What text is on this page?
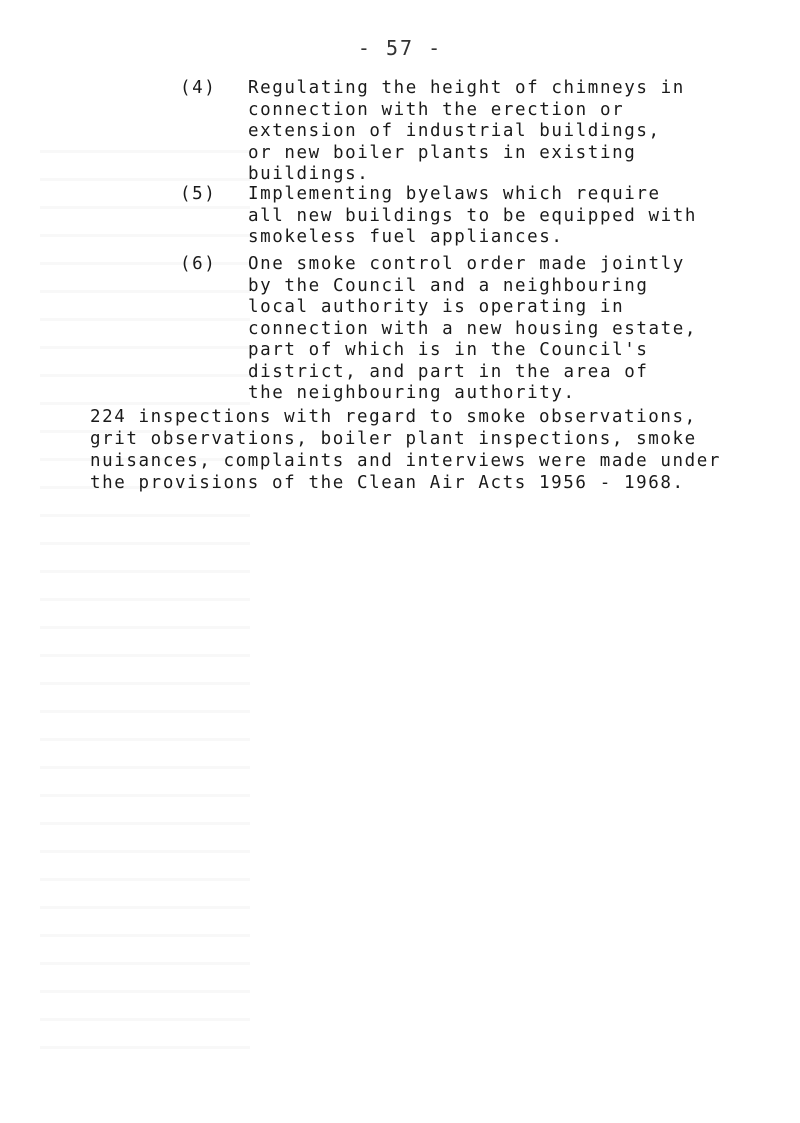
- 57 -
(4)	Regulating the height of chimneys in
connection with the erection or
extension of industrial buildings,
or new boiler plants in existing
buildings.
(5)	Implementing byelaws which require
all new buildings to be equipped with
smokeless fuel appliances.
(6)	One smoke control order made jointly
by the Council and a neighbouring
local authority is operating in
connection with a new housing estate,
part of which is in the Council's
district, and part in the area of
the neighbouring authority.
224 inspections with regard to smoke observations,
grit observations, boiler plant inspections, smoke
nuisances, complaints and interviews were made under
the provisions of the Clean Air Acts 1956 - 1968.
